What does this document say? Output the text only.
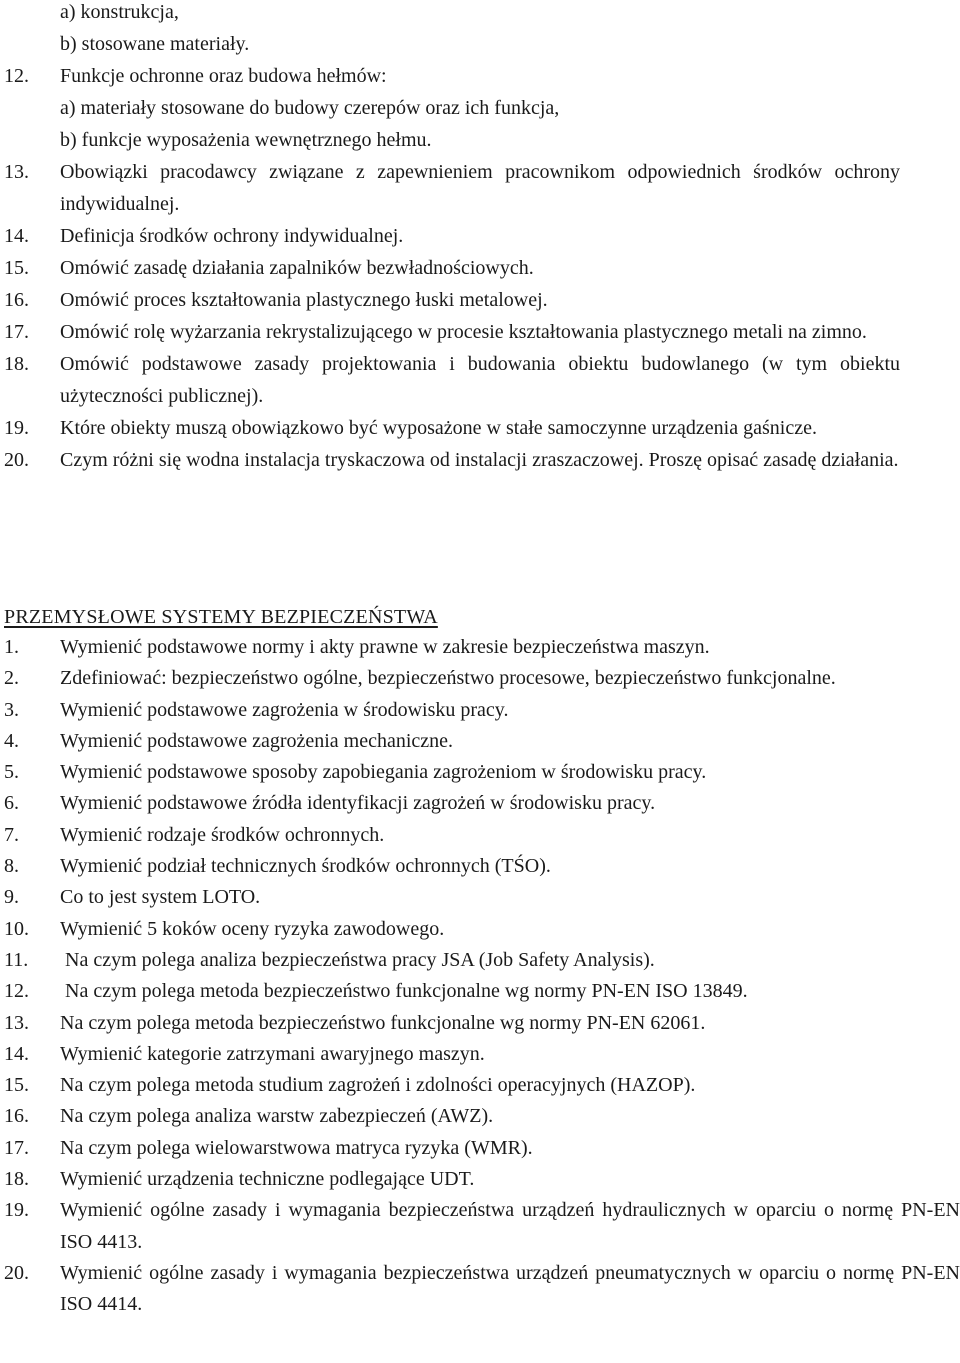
a) konstrukcja,
b) stosowane materiały.
12. Funkcje ochronne oraz budowa hełmów:
a) materiały stosowane do budowy czerepów oraz ich funkcja,
b) funkcje wyposażenia wewnętrznego hełmu.
13. Obowiązki pracodawcy związane z zapewnieniem pracownikom odpowiednich środków ochrony indywidualnej.
14. Definicja środków ochrony indywidualnej.
15. Omówić zasadę działania zapalników bezwładnościowych.
16. Omówić proces kształtowania plastycznego łuski metalowej.
17. Omówić rolę wyżarzania rekrystalizującego w procesie kształtowania plastycznego metali na zimno.
18. Omówić podstawowe zasady projektowania i budowania obiektu budowlanego (w tym obiektu użyteczności publicznej).
19. Które obiekty muszą obowiązkowo być wyposażone w stałe samoczynne urządzenia gaśnicze.
20. Czym różni się wodna instalacja tryskaczowa od instalacji zraszaczowej. Proszę opisać zasadę działania.
PRZEMYSŁOWE SYSTEMY BEZPIECZEŃSTWA
1. Wymienić podstawowe normy i akty prawne w zakresie bezpieczeństwa maszyn.
2. Zdefiniować: bezpieczeństwo ogólne, bezpieczeństwo procesowe, bezpieczeństwo funkcjonalne.
3. Wymienić podstawowe zagrożenia w środowisku pracy.
4. Wymienić podstawowe zagrożenia mechaniczne.
5. Wymienić podstawowe sposoby zapobiegania zagrożeniom w środowisku pracy.
6. Wymienić podstawowe źródła identyfikacji zagrożeń w środowisku pracy.
7. Wymienić rodzaje środków ochronnych.
8. Wymienić podział technicznych środków ochronnych (TŚO).
9. Co to jest system LOTO.
10. Wymienić 5 koków oceny ryzyka zawodowego.
11. Na czym polega analiza bezpieczeństwa pracy JSA (Job Safety Analysis).
12. Na czym polega metoda bezpieczeństwo funkcjonalne wg normy PN-EN ISO 13849.
13. Na czym polega metoda bezpieczeństwo funkcjonalne wg normy PN-EN 62061.
14. Wymienić kategorie zatrzymani awaryjnego maszyn.
15. Na czym polega metoda studium zagrożeń i zdolności operacyjnych (HAZOP).
16. Na czym polega analiza warstw zabezpieczeń (AWZ).
17. Na czym polega wielowarstwowa matryca ryzyka (WMR).
18. Wymienić urządzenia techniczne podlegające UDT.
19. Wymienić ogólne zasady i wymagania bezpieczeństwa urządzeń hydraulicznych w oparciu o normę PN-EN ISO 4413.
20. Wymienić ogólne zasady i wymagania bezpieczeństwa urządzeń pneumatycznych w oparciu o normę PN-EN ISO 4414.
